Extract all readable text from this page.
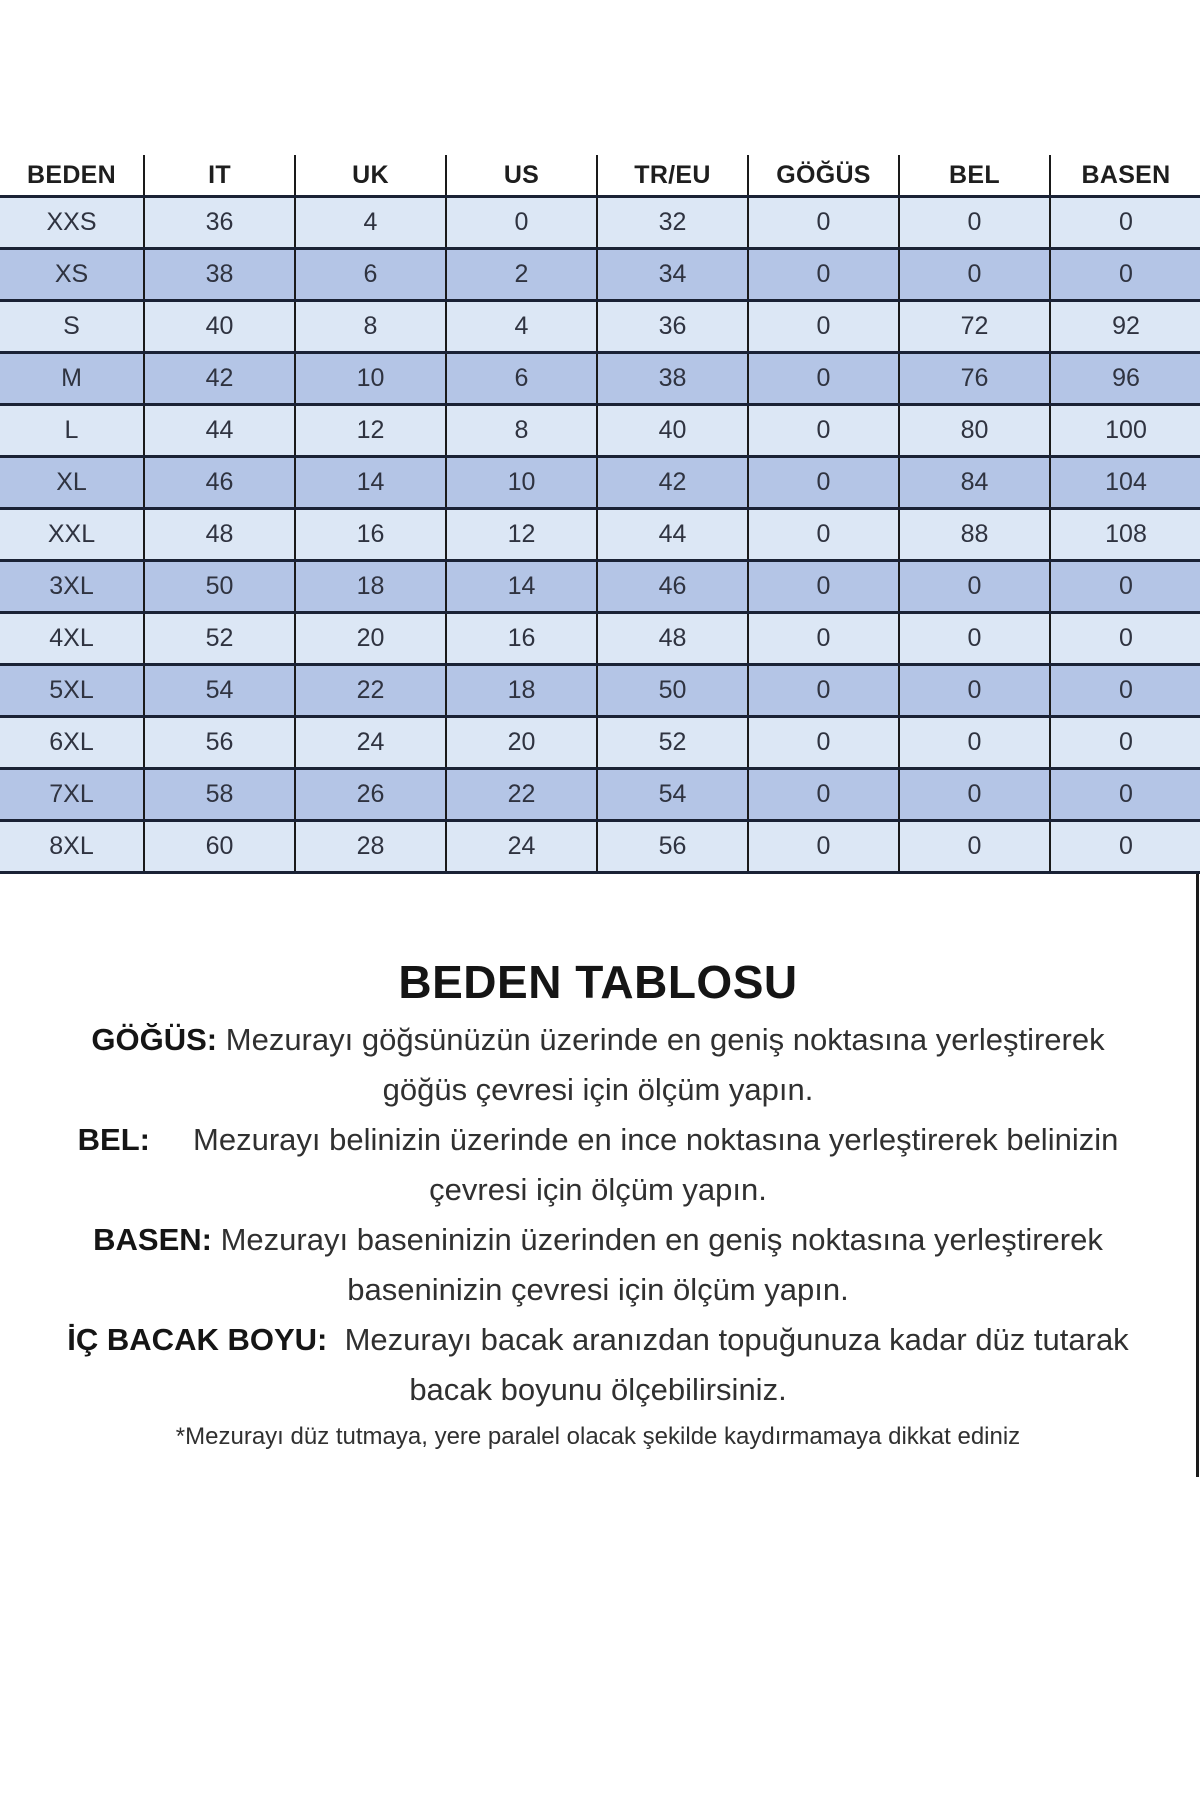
BEDEN	IT	UK	US	TR/EU	GÖĞÜS	BEL	BASEN
XXS	36	4	0	32	0	0	0
XS	38	6	2	34	0	0	0
S	40	8	4	36	0	72	92
M	42	10	6	38	0	76	96
L	44	12	8	40	0	80	100
XL	46	14	10	42	0	84	104
XXL	48	16	12	44	0	88	108
3XL	50	18	14	46	0	0	0
4XL	52	20	16	48	0	0	0
5XL	54	22	18	50	0	0	0
6XL	56	24	20	52	0	0	0
7XL	58	26	22	54	0	0	0
8XL	60	28	24	56	0	0	0

BEDEN TABLOSU

GÖĞÜS: Mezurayı göğsünüzün üzerinde en geniş noktasına yerleştirerek

göğüs çevresi için ölçüm yapın.

BEL:     Mezurayı belinizin üzerinde en ince noktasına yerleştirerek belinizin

çevresi için ölçüm yapın.

BASEN: Mezurayı baseninizin üzerinden en geniş noktasına yerleştirerek

baseninizin çevresi için ölçüm yapın.

İÇ BACAK BOYU:  Mezurayı bacak aranızdan topuğunuza kadar düz tutarak

bacak boyunu ölçebilirsiniz.

*Mezurayı düz tutmaya, yere paralel olacak şekilde kaydırmamaya dikkat ediniz
